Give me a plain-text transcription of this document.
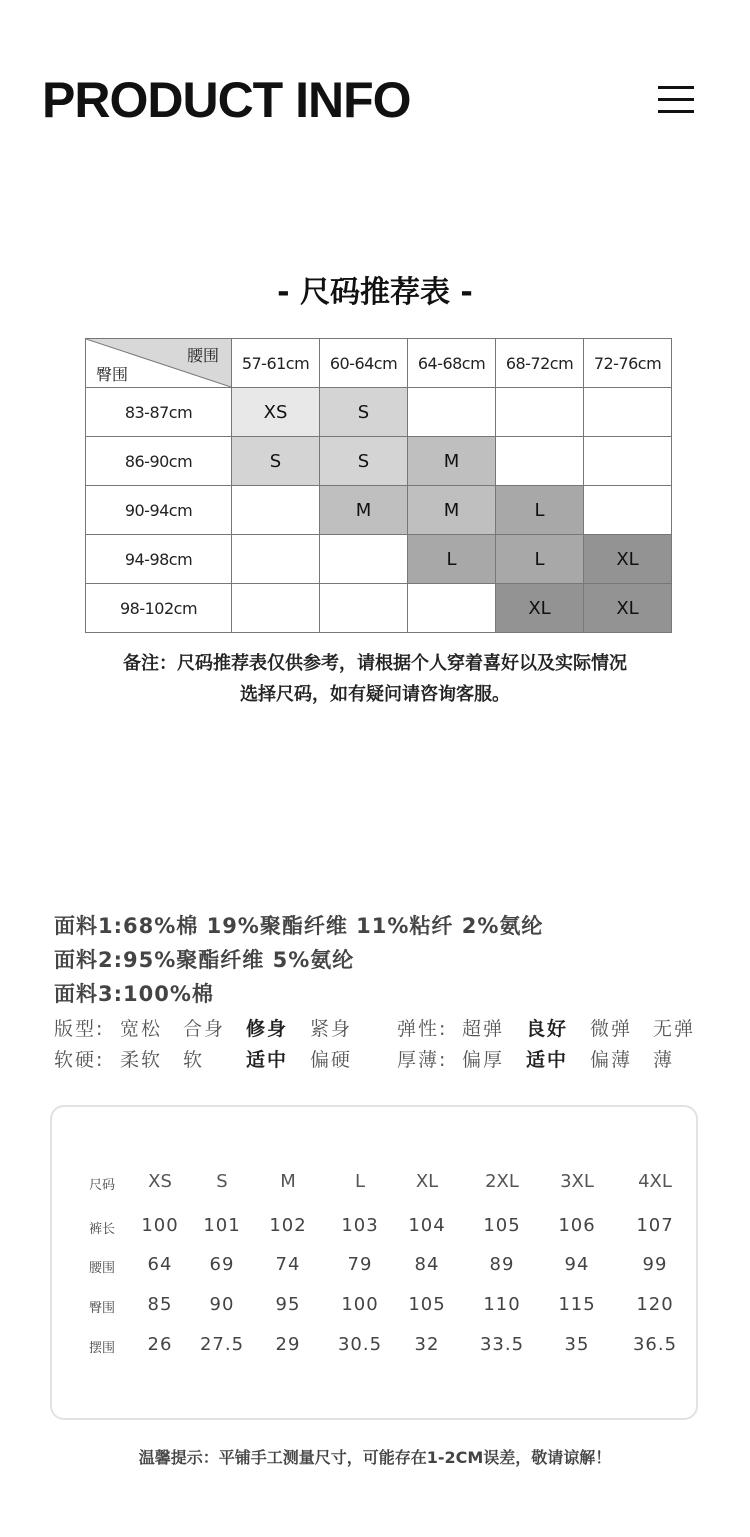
PRODUCT INFO
- 尺码推荐表 -
腰围
臀围	57-61cm	60-64cm	64-68cm	68-72cm	72-76cm
83-87cm	XS	S			
86-90cm	S	S	M		
90-94cm		M	M	L	
94-98cm			L	L	XL
98-102cm				XL	XL
备注：尺码推荐表仅供参考，请根据个人穿着喜好以及实际情况
选择尺码，如有疑问请咨询客服。
面料1:68%棉 19%聚酯纤维 11%粘纤 2%氨纶
面料2:95%聚酯纤维 5%氨纶
面料3:100%棉
版型: 宽松 合身 修身 紧身 弹性: 超弹 良好 微弹 无弹
软硬: 柔软 软 适中 偏硬 厚薄: 偏厚 适中 偏薄 薄
尺码	XS	S	M	L	XL	2XL	3XL	4XL
裤长	100	101	102	103	104	105	106	107
腰围	64	69	74	79	84	89	94	99
臀围	85	90	95	100	105	110	115	120
摆围	26	27.5	29	30.5	32	33.5	35	36.5
温馨提示：平铺手工测量尺寸，可能存在1-2CM误差，敬请谅解！
